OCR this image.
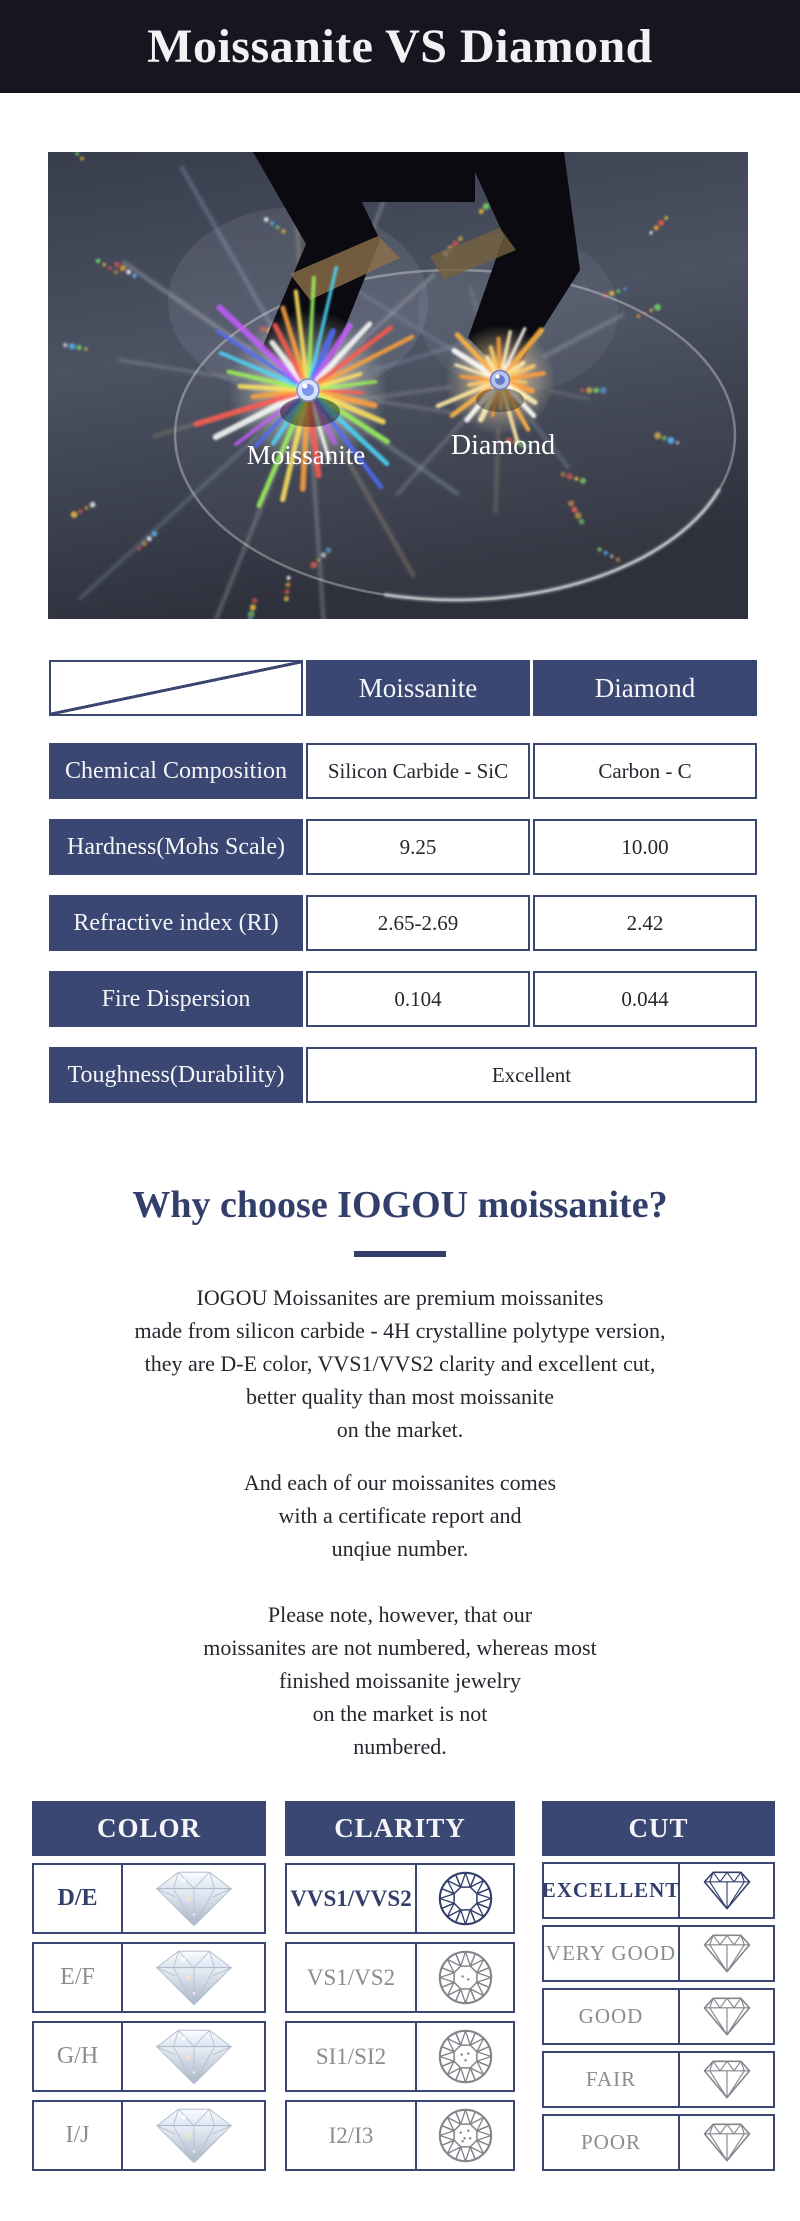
Moissanite VS Diamond
Moissanite	Diamond
Moissanite	Diamond
Chemical Composition	Silicon Carbide - SiC	Carbon - C
Hardness(Mohs Scale)	9.25	10.00
Refractive index (RI)	2.65-2.69	2.42
Fire Dispersion	0.104	0.044
Toughness(Durability)	Excellent
Why choose IOGOU moissanite?

IOGOU Moissanites are premium moissanites
made from silicon carbide - 4H crystalline polytype version,
they are D-E color, VVS1/VVS2 clarity and excellent cut,
better quality than most moissanite
on the market.

And each of our moissanites comes
with a certificate report and
unqiue number.

Please note, however, that our
moissanites are not numbered, whereas most
finished moissanite jewelry
on the market is not
numbered.

COLOR
D/E
E/F
G/H
I/J
CLARITY
VVS1/VVS2
VS1/VS2
SI1/SI2
I2/I3
CUT
EXCELLENT
VERY GOOD
GOOD
FAIR
POOR
